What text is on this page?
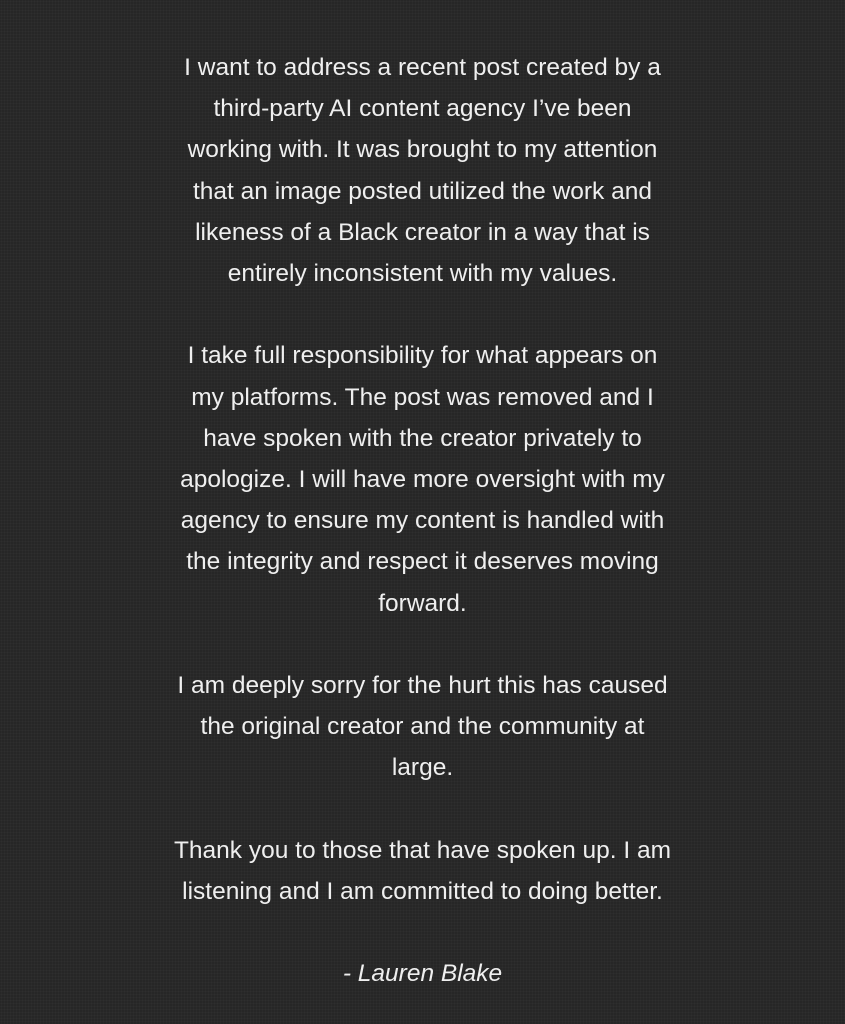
I want to address a recent post created by a
third-party AI content agency I’ve been
working with. It was brought to my attention
that an image posted utilized the work and
likeness of a Black creator in a way that is
entirely inconsistent with my values.

I take full responsibility for what appears on
my platforms. The post was removed and I
have spoken with the creator privately to
apologize. I will have more oversight with my
agency to ensure my content is handled with
the integrity and respect it deserves moving
forward.

I am deeply sorry for the hurt this has caused
the original creator and the community at
large.

Thank you to those that have spoken up. I am
listening and I am committed to doing better.

- Lauren Blake
